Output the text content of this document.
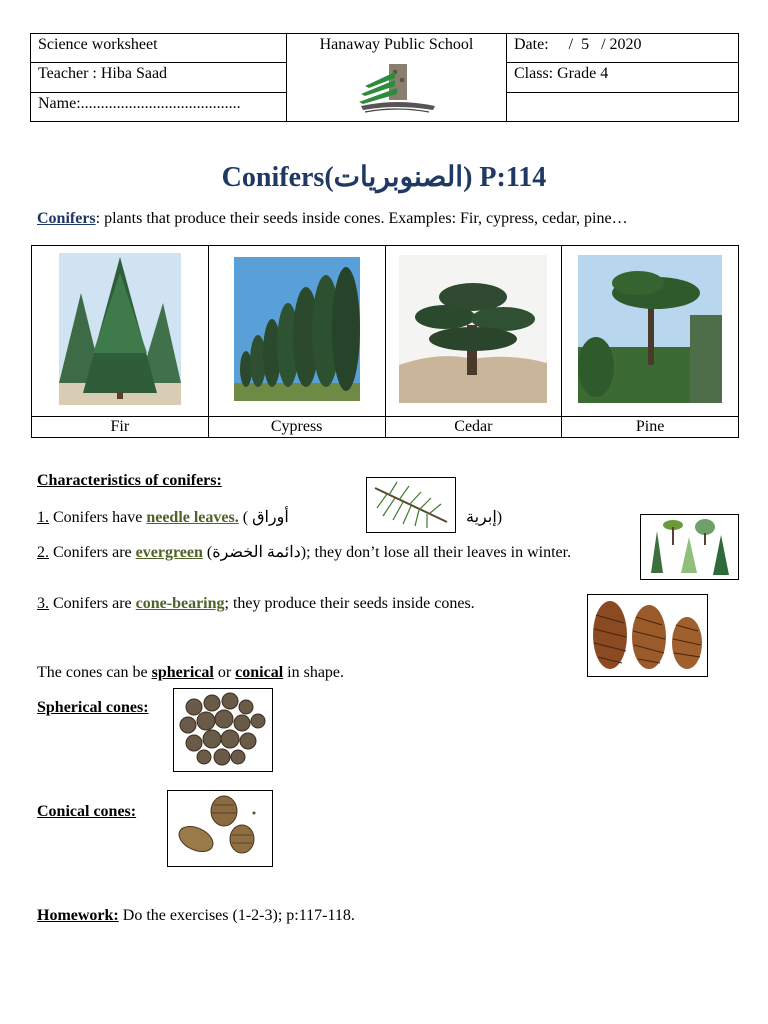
Science worksheet	Hanaway Public School	Date:     /  5   / 2020
Teacher : Hiba Saad		Class: Grade 4
Name:........................................		
Conifers(الصنوبريات) P:114
Conifers: plants that produce their seeds inside cones. Examples: Fir, cypress, cedar, pine…

Fir	Cypress	Cedar	Pine
Characteristics of conifers:
1. Conifers have needle leaves. ( أوراق	إبرية)
2. Conifers are evergreen (دائمة الخضرة); they don’t lose all their leaves in winter.
3. Conifers are cone-bearing; they produce their seeds inside cones.
The cones can be spherical or conical in shape.
Spherical cones:
Conical cones:
Homework: Do the exercises (1-2-3); p:117-118.
